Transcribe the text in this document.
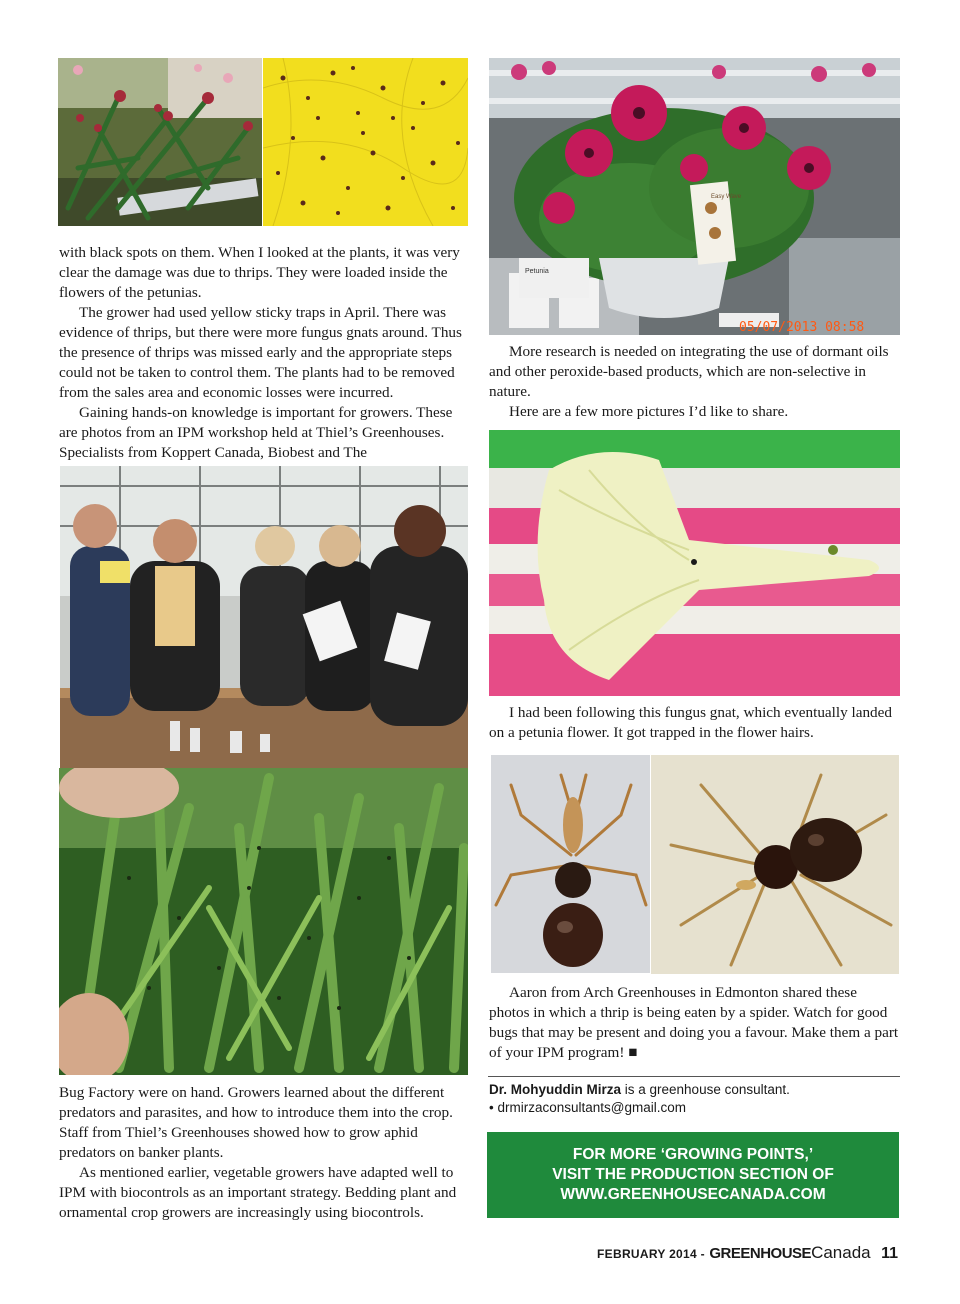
Easy Wave
Petunia
05/07/2013 08:58

with black spots on them. When I looked at the plants, it was very clear the damage was due to thrips. They were loaded inside the flowers of the petunias.

The grower had used yellow sticky traps in April. There was evidence of thrips, but there were more fungus gnats around. Thus the presence of thrips was missed early and the appropriate steps could not be taken to control them. The plants had to be removed from the sales area and economic losses were incurred.

Gaining hands-on knowledge is important for growers. These are photos from an IPM workshop held at Thiel’s Greenhouses. Specialists from Koppert Canada, Biobest and The

Bug Factory were on hand. Growers learned about the different predators and parasites, and how to introduce them into the crop. Staff from Thiel’s Greenhouses showed how to grow aphid predators on banker plants.

As mentioned earlier, vegetable growers have adapted well to IPM with biocontrols as an important strategy. Bedding plant and ornamental crop growers are increasingly using biocontrols.

More research is needed on integrating the use of dormant oils and other peroxide-based products, which are non-selective in nature.

Here are a few more pictures I’d like to share.

I had been following this fungus gnat, which eventually landed on a petunia flower. It got trapped in the flower hairs.

Aaron from Arch Greenhouses in Edmonton shared these photos in which a thrip is being eaten by a spider. Watch for good bugs that may be present and doing you a favour. Make them a part of your IPM program! ■

Dr. Mohyuddin Mirza is a greenhouse consultant.
• drmirzaconsultants@gmail.com
FOR MORE ‘GROWING POINTS,’
VISIT THE PRODUCTION SECTION OF
WWW.GREENHOUSECANADA.COM
FEBRUARY 2014 - GREENHOUSECanada 11
